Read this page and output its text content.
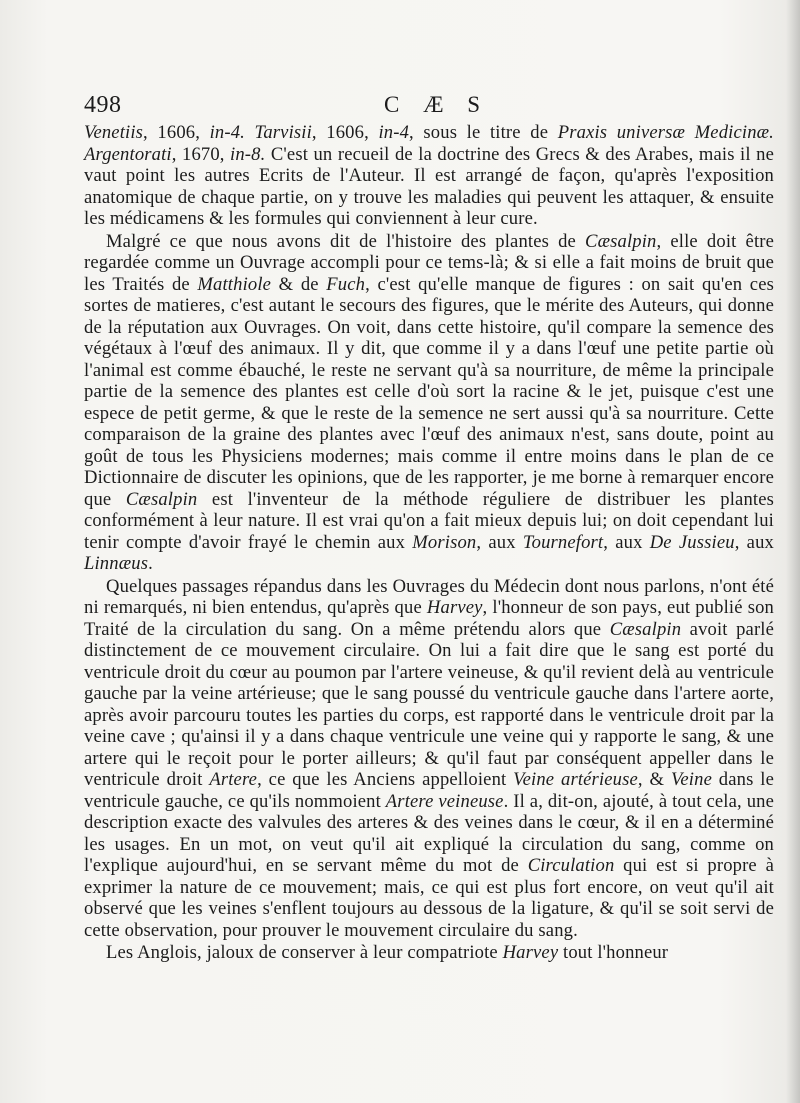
498	C Æ S

Venetiis, 1606, in-4. Tarvisii, 1606, in-4, sous le titre de Praxis universæ Medicinæ. Argentorati, 1670, in-8. C'est un recueil de la doctrine des Grecs & des Arabes, mais il ne vaut point les autres Ecrits de l'Auteur. Il est arrangé de façon, qu'après l'exposition anatomique de chaque partie, on y trouve les maladies qui peuvent les attaquer, & ensuite les médicamens & les formules qui conviennent à leur cure.

Malgré ce que nous avons dit de l'histoire des plantes de Cæsalpin, elle doit être regardée comme un Ouvrage accompli pour ce tems-là; & si elle a fait moins de bruit que les Traités de Matthiole & de Fuch, c'est qu'elle manque de figures : on sait qu'en ces sortes de matieres, c'est autant le secours des figures, que le mérite des Auteurs, qui donne de la réputation aux Ouvrages. On voit, dans cette histoire, qu'il compare la semence des végétaux à l'œuf des animaux. Il y dit, que comme il y a dans l'œuf une petite partie où l'animal est comme ébauché, le reste ne servant qu'à sa nourriture, de même la principale partie de la semence des plantes est celle d'où sort la racine & le jet, puisque c'est une espece de petit germe, & que le reste de la semence ne sert aussi qu'à sa nourriture. Cette comparaison de la graine des plantes avec l'œuf des animaux n'est, sans doute, point au goût de tous les Physiciens modernes; mais comme il entre moins dans le plan de ce Dictionnaire de discuter les opinions, que de les rapporter, je me borne à remarquer encore que Cæsalpin est l'inventeur de la méthode réguliere de distribuer les plantes conformément à leur nature. Il est vrai qu'on a fait mieux depuis lui; on doit cependant lui tenir compte d'avoir frayé le chemin aux Morison, aux Tournefort, aux De Jussieu, aux Linnæus.

Quelques passages répandus dans les Ouvrages du Médecin dont nous parlons, n'ont été ni remarqués, ni bien entendus, qu'après que Harvey, l'honneur de son pays, eut publié son Traité de la circulation du sang. On a même prétendu alors que Cæsalpin avoit parlé distinctement de ce mouvement circulaire. On lui a fait dire que le sang est porté du ventricule droit du cœur au poumon par l'artere veineuse, & qu'il revient delà au ventricule gauche par la veine artérieuse; que le sang poussé du ventricule gauche dans l'artere aorte, après avoir parcouru toutes les parties du corps, est rapporté dans le ventricule droit par la veine cave ; qu'ainsi il y a dans chaque ventricule une veine qui y rapporte le sang, & une artere qui le reçoit pour le porter ailleurs; & qu'il faut par conséquent appeller dans le ventricule droit Artere, ce que les Anciens appelloient Veine artérieuse, & Veine dans le ventricule gauche, ce qu'ils nommoient Artere veineuse. Il a, dit-on, ajouté, à tout cela, une description exacte des valvules des arteres & des veines dans le cœur, & il en a déterminé les usages. En un mot, on veut qu'il ait expliqué la circulation du sang, comme on l'explique aujourd'hui, en se servant même du mot de Circulation qui est si propre à exprimer la nature de ce mouvement; mais, ce qui est plus fort encore, on veut qu'il ait observé que les veines s'enflent toujours au dessous de la ligature, & qu'il se soit servi de cette observation, pour prouver le mouvement circulaire du sang.

Les Anglois, jaloux de conserver à leur compatriote Harvey tout l'honneur
